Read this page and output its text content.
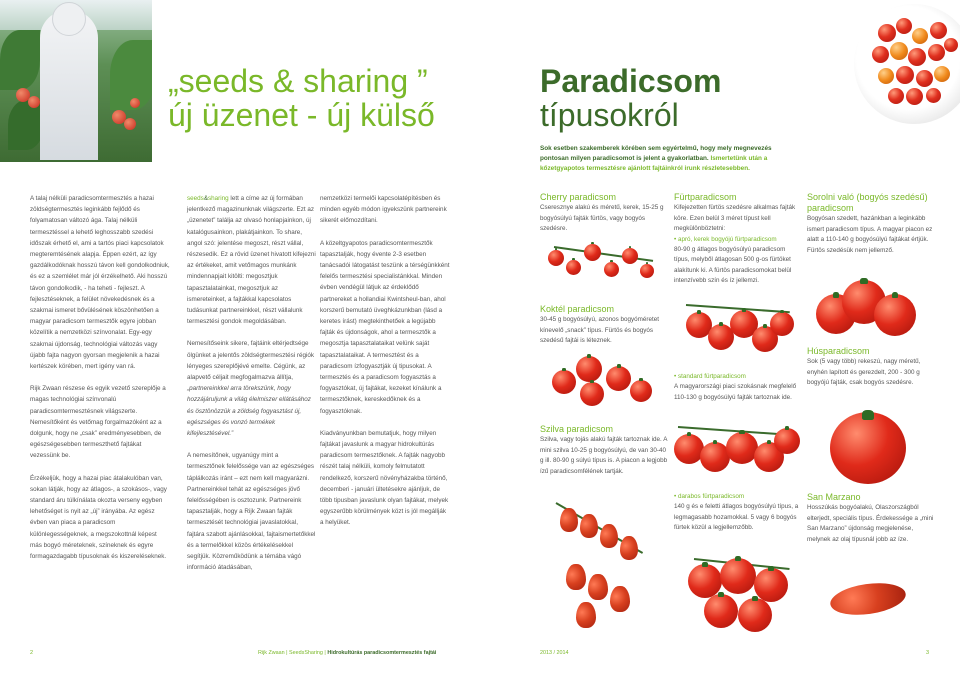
„seeds & sharing ”
új üzenet - új külső

A talaj nélküli paradicsomtermesztés a hazai zöldségtermesztés leginkább fejlődő és folyamatosan változó ága. Talaj nélküli termesztéssel a lehető leghosszabb szedési időszak érhető el, ami a tartós piaci kapcsolatok megteremtésének alapja. Éppen ezért, az így gazdálkodóknak hosszú távon kell gondolkodniuk, és ez a szemlélet már jól érzékelhető. Aki hosszú távon gondolkodik, - ha teheti - fejleszt. A fejlesztéseknek, a felület növekedésnek és a szakmai ismeret bővülésének köszönhetően a magyar paradicsom termesztők egyre jobban közelítik a nemzetközi színvonalat. Egy-egy szakmai újdonság, technológiai változás vagy újabb fajta nagyon gyorsan megjelenik a hazai kertészek körében, mert igény van rá.

Rijk Zwaan részese és egyik vezető szereplője a magas technológiai színvonalú paradicsomtermesztésnek világszerte. Nemesítőként és vetőmag forgalmazóként az a dolgunk, hogy ne „csak” eredményesebben, de egészségesebben termeszthető fajtákat vezessünk be.

Érzékeljük, hogy a hazai piac átalakulóban van, sokan látják, hogy az átlagos-, a szokásos-, vagy standard áru túlkínálata okozta verseny egyben lehetőséget is nyit az „új” irányába. Az egész évben van piaca a paradicsom különlegességeknek, a megszokottnál képest más bogyó méreteknek, színeknek és egyre formagazdagabb típusoknak és kiszereléseknek.

seeds&sharing lett a címe az új formában jelentkező magazinunknak világszerte. Ezt az „üzenetet” találja az olvasó honlapjainkon, új katalógusainkon, plakátjainkon. To share, angol szó: jelentése megoszt, részt vállal, részesedik. Ez a rövid üzenet hivatott kifejezni az értékeket, amit vetőmagos munkánk mindennapjait kitölti: megosztjuk tapasztalatainkat, megosztjuk az ismereteinket, a fajtákkal kapcsolatos tudásunkat partnereinkkel, részt vállalunk termesztési gondok megoldásában.

Nemesítőseink sikere, fajtáink eltérjedtsége ölgünket a jelentős zöldségtermesztési régiók lényeges szereplőjévé emelte. Cégünk, az alapvető céljait megfogalmazva állítja, „partnereinkkel arra törekszünk, hogy hozzájáruljunk a világ élelmiszer ellátásához és ösztönözzük a zöldség fogyasztást új, egészséges és vonzó termékek kifejlesztésével.”

A nemesítőnek, ugyanúgy mint a termesztőnek felelőssége van az egészséges táplálkozás iránt – ezt nem kell magyarázni. Partnereinkkel tehát az egészséges jövő felelősségében is osztozunk. Partnereink tapasztalják, hogy a Rijk Zwaan fajták termesztését technológiai javaslatokkal, fajtára szabott ajánlásokkal, fajtaismertetőkkel és a termelőkkel közös értékelésekkel segítjük. Közreműködünk a témába vágó információ átadásában,

nemzetközi termelői kapcsolatépítésben és minden egyéb módon igyekszünk partnereink sikerét előmozdítani.

A közeltgyapotos paradicsomtermesztők tapasztalják, hogy évente 2-3 esetben tanácsadói látogatást teszünk a térségünkként felelős termesztési specialistánkkal. Minden évben vendégül látjuk az érdeklődő partnereket a hollandiai Kwintsheul-ban, ahol korszerű bemutató üveghkázunkban (lásd a keretes írást) megtekinthetőek a legújabb fajták és újdonságok, ahol a termesztők a megosztja tapasztalataikat velünk saját tapasztalataikat. A termesztést és a paradicsom ízfogyasztják új tipusokat. A termesztés és a paradicsom fogyasztás a fogyasztókat, új fajtákat, kezeket kínálunk a termesztőknek, kereskedőknek és a fogyasztóknak.

Kiadványunkban bemutatjuk, hogy milyen fajtákat javaslunk a magyar hidrokultúrás paradicsom termesztőknek. A fajták nagyobb részét talaj nélküli, komoly felmutatott rendelkező, korszerű növényházakba történő, decemberi - januári ültetésekre ajánljuk, de több tipusban javaslunk olyan fajtákat, melyek egyszerűbb körülmények közt is jól megállják a helyüket.

Paradicsom
típusokról
Sok esetben szakemberek körében sem egyértelmű, hogy mely megnevezés pontosan milyen paradicsomot is jelent a gyakorlatban. Ismertetünk után a kőzetgyapotos termesztésre ajánlott fajtáinkról irunk részletesebben.
Cherry paradicsom
Cseresznye alakú és méretű, kerek, 15-25 g bogyósúlyú fajták fürtös, vagy bogyós szedésre.
Koktél paradicsom
30-45 g bogyósúlyú, azonos bogyóméretet kínevelő „snack” típus. Fürtös és bogyós szedésű fajtái is léteznek.
Szilva paradicsom
Szilva, vagy tojás alakú fajták tartoznak ide. A mini szilva 10-25 g bogyósúlyú, de van 30-40 g ill. 80-90 g súlyú típus is. A piacon a legjobb ízű paradicsomfélének tartják.
Fürtparadicsom
Kifejezetten fürtös szedésre alkalmas fajták köre. Ezen belül 3 méret típust kell megkülönböztetni:
• apró, kerek bogyójú fürtparadicsom
80-90 g átlagos bogyósúlyú paradicsom típus, melyből átlagosan 500 g-os fürtöket alakítunk ki. A fürtös paradicsomokat belül intenzívebb szín és íz jellemzi.
• standard fürtparadicsom
A magyarországi piaci szokásnak megfelelő 110-130 g bogyósúlyú fajták tartoznak ide.
• darabos fürtparadicsom
140 g és e feletti átlagos bogyósúlyú típus, a legmagasabb hozamokkal. 5 vagy 6 bogyós fürtek közül a legjellemzőbb.
Sorolni való (bogyós szedésű) paradicsom
Bogyósan szedett, hazánkban a leginkább ismert paradicsom típus. A magyar piacon ez alatt a 110-140 g bogyósúlyú fajtákat értjük. Fürtös szedésük nem jellemző.
Húsparadicsom
Sok (5 vagy több) rekeszú, nagy méretű, enyhén lapított és gerezdelt, 200 - 300 g bogyójú fajták, csak bogyós szedésre.
San Marzano
Hosszúkás bogyóalakú, Olaszországból elterjedt, speciális típus. Érdekessége a „mini San Marzano” újdonság megjelenése, melynek az olaj típusnál jobb az íze.
2	Rijk Zwaan | SeedsSharing | Hidrokultúrás paradicsomtermesztés fajtái	2013 / 2014	3
